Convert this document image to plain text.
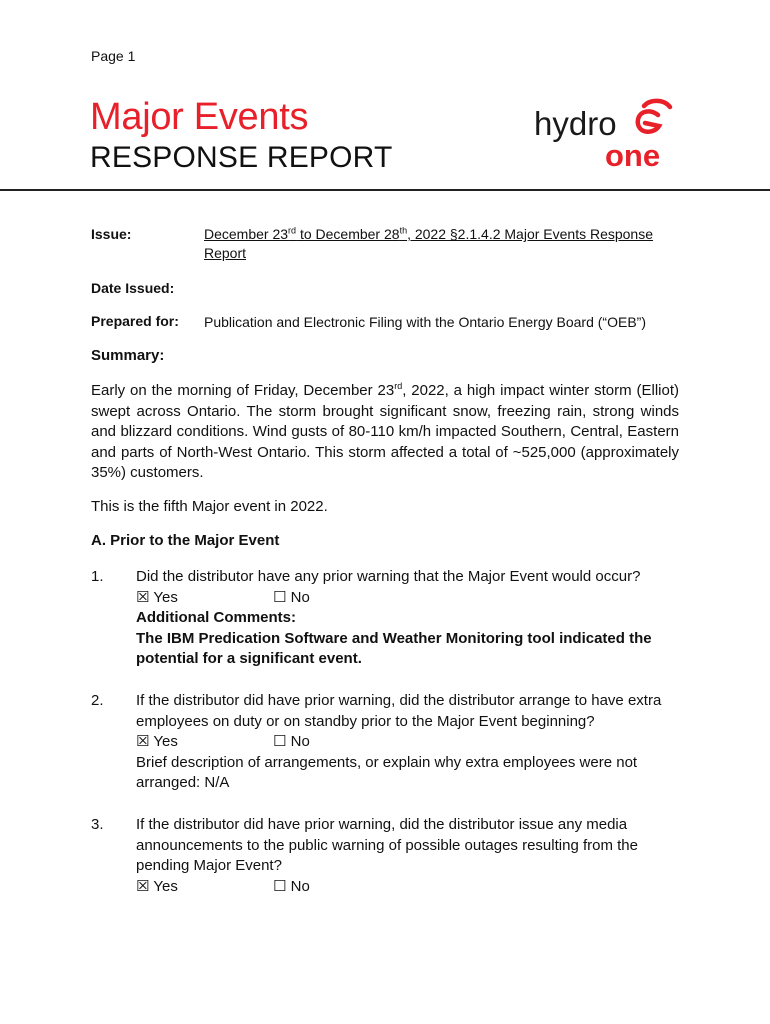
Page 1
Major Events
RESPONSE REPORT
hydro
one
Issue:	December 23rd to December 28th, 2022 §2.1.4.2 Major Events Response
Report
Date Issued:
Prepared for: Publication and Electronic Filing with the Ontario Energy Board (“OEB”)
Summary:
Early on the morning of Friday, December 23rd, 2022, a high impact winter storm (Elliot) swept across Ontario. The storm brought significant snow, freezing rain, strong winds and blizzard conditions. Wind gusts of 80-110 km/h impacted Southern, Central, Eastern and parts of North-West Ontario. This storm affected a total of ~525,000 (approximately 35%) customers.
This is the fifth Major event in 2022.
A. Prior to the Major Event
1. Did the distributor have any prior warning that the Major Event would occur?
☒ Yes	☐ No
Additional Comments:
The IBM Predication Software and Weather Monitoring tool indicated the potential for a significant event.
2. If the distributor did have prior warning, did the distributor arrange to have extra employees on duty or on standby prior to the Major Event beginning?
☒ Yes	☐ No
Brief description of arrangements, or explain why extra employees were not arranged: N/A
3. If the distributor did have prior warning, did the distributor issue any media announcements to the public warning of possible outages resulting from the pending Major Event?
☒ Yes	☐ No
